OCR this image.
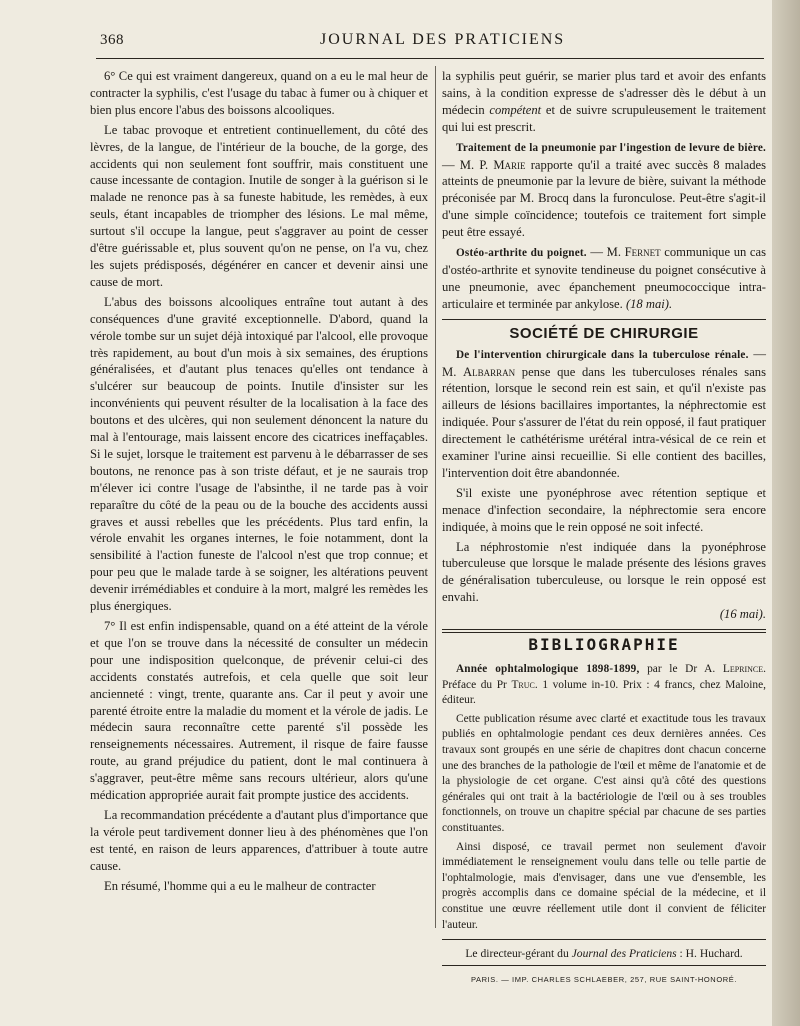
368	JOURNAL DES PRATICIENS

6° Ce qui est vraiment dangereux, quand on a eu le mal heur de contracter la syphilis, c'est l'usage du tabac à fumer ou à chiquer et bien plus encore l'abus des boissons alcooliques.

Le tabac provoque et entretient continuellement, du côté des lèvres, de la langue, de l'intérieur de la bouche, de la gorge, des accidents qui non seulement font souffrir, mais constituent une cause incessante de contagion. Inutile de songer à la guérison si le malade ne renonce pas à sa funeste habitude, les remèdes, à eux seuls, étant incapables de triompher des lésions. Le mal même, surtout s'il occupe la langue, peut s'aggraver au point de cesser d'être guérissable et, plus souvent qu'on ne pense, on l'a vu, chez les sujets prédisposés, dégénérer en cancer et devenir ainsi une cause de mort.

L'abus des boissons alcooliques entraîne tout autant à des conséquences d'une gravité exceptionnelle. D'abord, quand la vérole tombe sur un sujet déjà intoxiqué par l'alcool, elle provoque très rapidement, au bout d'un mois à six semaines, des éruptions généralisées, et d'autant plus tenaces qu'elles ont tendance à s'ulcérer sur beaucoup de points. Inutile d'insister sur les inconvénients qui peuvent résulter de la localisation à la face des boutons et des ulcères, qui non seulement dénoncent la nature du mal à l'entourage, mais laissent encore des cicatrices ineffaçables. Si le sujet, lorsque le traitement est parvenu à le débarrasser de ses boutons, ne renonce pas à son triste défaut, et je ne saurais trop m'élever ici contre l'usage de l'absinthe, il ne tarde pas à voir reparaître du côté de la peau ou de la bouche des accidents aussi graves et aussi rebelles que les précédents. Plus tard enfin, la vérole envahit les organes internes, le foie notamment, dont la sensibilité à l'action funeste de l'alcool n'est que trop connue; et pour peu que le malade tarde à se soigner, les altérations peuvent devenir irrémédiables et conduire à la mort, malgré les remèdes les plus énergiques.

7° Il est enfin indispensable, quand on a été atteint de la vérole et que l'on se trouve dans la nécessité de consulter un médecin pour une indisposition quelconque, de prévenir celui-ci des accidents constatés autrefois, et cela quelle que soit leur ancienneté : vingt, trente, quarante ans. Car il peut y avoir une parenté étroite entre la maladie du moment et la vérole de jadis. Le médecin saura reconnaître cette parenté s'il possède les renseignements nécessaires. Autrement, il risque de faire fausse route, au grand préjudice du patient, dont le mal continuera à s'aggraver, peut-être même sans recours ultérieur, alors qu'une médication appropriée aurait fait prompte justice des accidents.

La recommandation précédente a d'autant plus d'importance que la vérole peut tardivement donner lieu à des phénomènes que l'on est tenté, en raison de leurs apparences, d'attribuer à toute autre cause.

En résumé, l'homme qui a eu le malheur de contracter

la syphilis peut guérir, se marier plus tard et avoir des enfants sains, à la condition expresse de s'adresser dès le début à un médecin compétent et de suivre scrupuleusement le traitement qui lui est prescrit.

Traitement de la pneumonie par l'ingestion de levure de bière. — M. P. Marie rapporte qu'il a traité avec succès 8 malades atteints de pneumonie par la levure de bière, suivant la méthode préconisée par M. Brocq dans la furonculose. Peut-être s'agit-il d'une simple coïncidence; toutefois ce traitement fort simple peut être essayé.

Ostéo-arthrite du poignet. — M. Fernet communique un cas d'ostéo-arthrite et synovite tendineuse du poignet consécutive à une pneumonie, avec épanchement pneumococcique intra-articulaire et terminée par ankylose. (18 mai).

SOCIÉTÉ DE CHIRURGIE

De l'intervention chirurgicale dans la tuberculose rénale. — M. Albarran pense que dans les tuberculoses rénales sans rétention, lorsque le second rein est sain, et qu'il n'existe pas ailleurs de lésions bacillaires importantes, la néphrectomie est indiquée. Pour s'assurer de l'état du rein opposé, il faut pratiquer directement le cathétérisme urétéral intra-vésical de ce rein et examiner l'urine ainsi recueillie. Si elle contient des bacilles, l'intervention doit être abandonnée.

S'il existe une pyonéphrose avec rétention septique et menace d'infection secondaire, la néphrectomie sera encore indiquée, à moins que le rein opposé ne soit infecté.

La néphrostomie n'est indiquée dans la pyonéphrose tuberculeuse que lorsque le malade présente des lésions graves de généralisation tuberculeuse, ou lorsque le rein opposé est envahi.

(16 mai).

BIBLIOGRAPHIE

Année ophtalmologique 1898-1899, par le Dr A. Leprince. Préface du Pr Truc. 1 volume in-10. Prix : 4 francs, chez Maloine, éditeur.

Cette publication résume avec clarté et exactitude tous les travaux publiés en ophtalmologie pendant ces deux dernières années. Ces travaux sont groupés en une série de chapitres dont chacun concerne une des branches de la pathologie de l'œil et même de l'anatomie et de la physiologie de cet organe. C'est ainsi qu'à côté des questions générales qui ont trait à la bactériologie de l'œil ou à ses troubles fonctionnels, on trouve un chapitre spécial par chacune de ses parties constituantes.

Ainsi disposé, ce travail permet non seulement d'avoir immédiatement le renseignement voulu dans telle ou telle partie de l'ophtalmologie, mais d'envisager, dans une vue d'ensemble, les progrès accomplis dans ce domaine spécial de la médecine, et il constitue une œuvre réellement utile dont il convient de féliciter l'auteur.

Le directeur-gérant du Journal des Praticiens : H. Huchard.
PARIS. — IMP. CHARLES SCHLAEBER, 257, RUE SAINT-HONORÉ.
